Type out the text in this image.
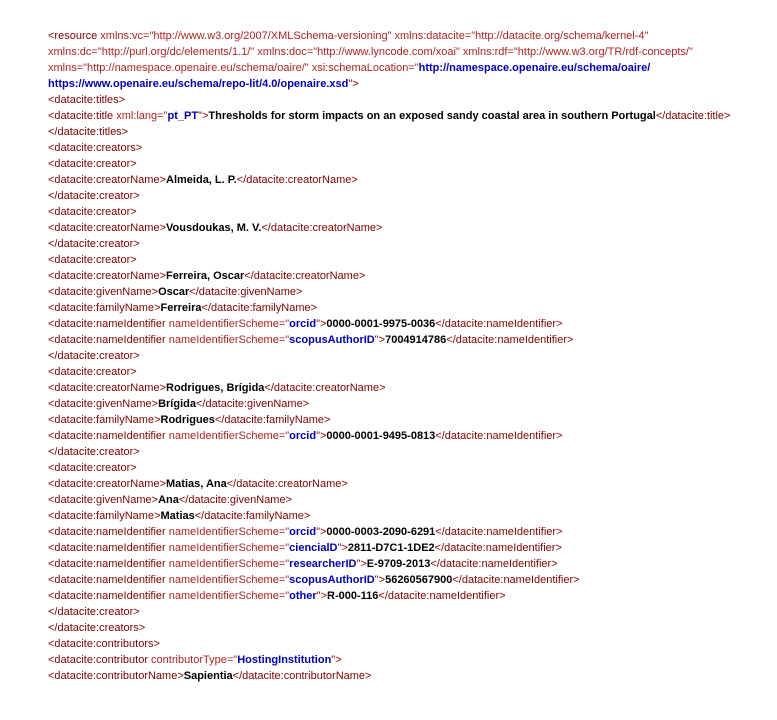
<resource xmlns:vc="http://www.w3.org/2007/XMLSchema-versioning" xmlns:datacite="http://datacite.org/schema/kernel-4" xmlns:dc="http://purl.org/dc/elements/1.1/" xmlns:doc="http://www.lyncode.com/xoai" xmlns:rdf="http://www.w3.org/TR/rdf-concepts/" xmlns="http://namespace.openaire.eu/schema/oaire/" xsi:schemaLocation="http://namespace.openaire.eu/schema/oaire/ https://www.openaire.eu/schema/repo-lit/4.0/openaire.xsd">
<datacite:titles>
<datacite:title xml:lang="pt_PT">Thresholds for storm impacts on an exposed sandy coastal area in southern Portugal</datacite:title>
</datacite:titles>
<datacite:creators>
<datacite:creator>
<datacite:creatorName>Almeida, L. P.</datacite:creatorName>
</datacite:creator>
<datacite:creator>
<datacite:creatorName>Vousdoukas, M. V.</datacite:creatorName>
</datacite:creator>
<datacite:creator>
<datacite:creatorName>Ferreira, Oscar</datacite:creatorName>
<datacite:givenName>Oscar</datacite:givenName>
<datacite:familyName>Ferreira</datacite:familyName>
<datacite:nameIdentifier nameIdentifierScheme="orcid">0000-0001-9975-0036</datacite:nameIdentifier>
<datacite:nameIdentifier nameIdentifierScheme="scopusAuthorID">7004914786</datacite:nameIdentifier>
</datacite:creator>
<datacite:creator>
<datacite:creatorName>Rodrigues, Brígida</datacite:creatorName>
<datacite:givenName>Brígida</datacite:givenName>
<datacite:familyName>Rodrigues</datacite:familyName>
<datacite:nameIdentifier nameIdentifierScheme="orcid">0000-0001-9495-0813</datacite:nameIdentifier>
</datacite:creator>
<datacite:creator>
<datacite:creatorName>Matias, Ana</datacite:creatorName>
<datacite:givenName>Ana</datacite:givenName>
<datacite:familyName>Matias</datacite:familyName>
<datacite:nameIdentifier nameIdentifierScheme="orcid">0000-0003-2090-6291</datacite:nameIdentifier>
<datacite:nameIdentifier nameIdentifierScheme="ciencialD">2811-D7C1-1DE2</datacite:nameIdentifier>
<datacite:nameIdentifier nameIdentifierScheme="researcherID">E-9709-2013</datacite:nameIdentifier>
<datacite:nameIdentifier nameIdentifierScheme="scopusAuthorID">56260567900</datacite:nameIdentifier>
<datacite:nameIdentifier nameIdentifierScheme="other">R-000-116</datacite:nameIdentifier>
</datacite:creator>
</datacite:creators>
<datacite:contributors>
<datacite:contributor contributorType="HostingInstitution">
<datacite:contributorName>Sapientia</datacite:contributorName>
